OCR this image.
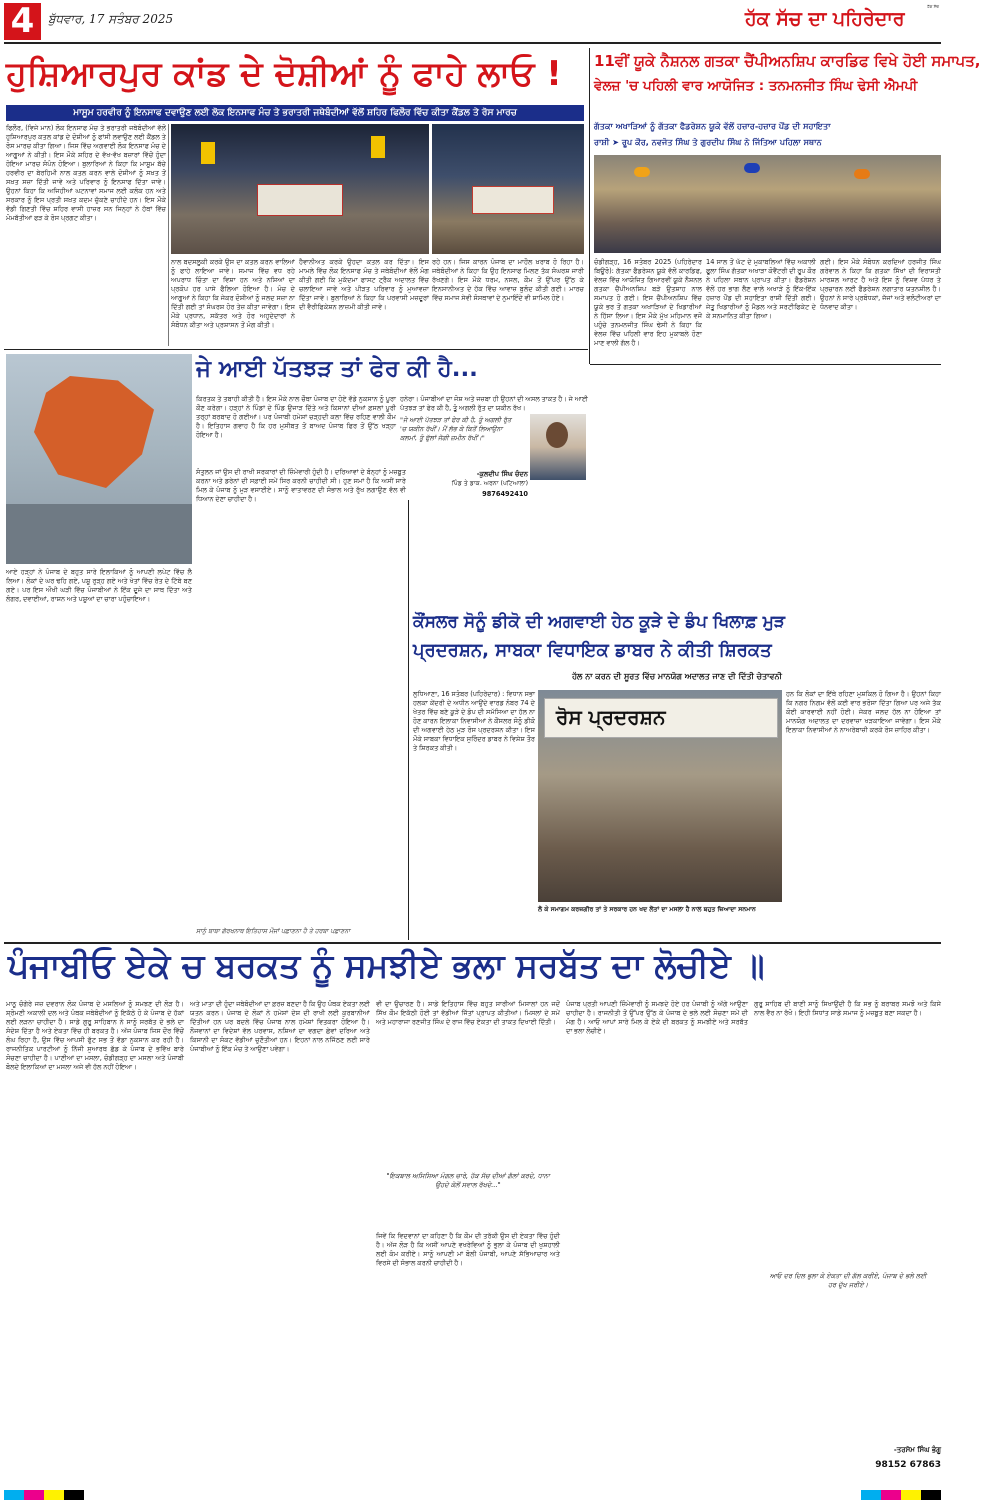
4	ਬੁੱਧਵਾਰ, 17 ਸਤੰਬਰ 2025
ਹੱਕ ਸੱਚ
ਹੱਕ ਸੱਚ ਦਾ ਪਹਿਰੇਦਾਰ
ਹੁਸ਼ਿਆਰਪੁਰ ਕਾਂਡ ਦੇ ਦੋਸ਼ੀਆਂ ਨੂੰ ਫਾਹੇ ਲਾਓ !
ਮਾਸੂਮ ਹਰਵੀਰ ਨੂੰ ਇਨਸਾਫ ਦਵਾਉਣ ਲਈ ਲੋਕ ਇਨਸਾਫ ਮੰਚ ਤੇ ਭਰਾਤਰੀ ਜਥੇਬੰਦੀਆਂ ਵੱਲੋਂ ਸ਼ਹਿਰ ਫਿਲੌਰ ਵਿੱਚ ਕੀਤਾ ਕੈਂਡਲ ਤੇ ਰੋਸ ਮਾਰਚ
ਫਿਲੌਰ, (ਵਿਜੇ ਮਾਨ) ਲੋਕ ਇਨਸਾਫ ਮੰਚ ਤੇ ਭਰਾਤਰੀ ਜਥੇਬੰਦੀਆਂ ਵੱਲੋਂ ਹੁਸ਼ਿਆਰਪੁਰ ਕਤਲ ਕਾਂਡ ਦੇ ਦੋਸ਼ੀਆਂ ਨੂੰ ਫਾਂਸੀ ਲਵਾਉਣ ਲਈ ਕੈਂਡਲ ਤੇ ਰੋਸ ਮਾਰਚ ਕੀਤਾ ਗਿਆ। ਜਿਸ ਵਿੱਚ ਅਗਵਾਈ ਲੋਕ ਇਨਸਾਫ ਮੰਚ ਦੇ ਆਗੂਆਂ ਨੇ ਕੀਤੀ। ਇਸ ਮੌਕੇ ਸ਼ਹਿਰ ਦੇ ਵੱਖ-ਵੱਖ ਬਜ਼ਾਰਾਂ ਵਿੱਚੋਂ ਹੁੰਦਾ ਹੋਇਆ ਮਾਰਚ ਸੰਪੰਨ ਹੋਇਆ। ਬੁਲਾਰਿਆਂ ਨੇ ਕਿਹਾ ਕਿ ਮਾਸੂਮ ਬੱਚੇ ਹਰਵੀਰ ਦਾ ਬੇਰਹਿਮੀ ਨਾਲ ਕਤਲ ਕਰਨ ਵਾਲੇ ਦੋਸ਼ੀਆਂ ਨੂੰ ਸਖ਼ਤ ਤੋਂ ਸਖ਼ਤ ਸਜ਼ਾ ਦਿੱਤੀ ਜਾਵੇ ਅਤੇ ਪਰਿਵਾਰ ਨੂੰ ਇਨਸਾਫ ਦਿੱਤਾ ਜਾਵੇ। ਉਹਨਾਂ ਕਿਹਾ ਕਿ ਅਜਿਹੀਆਂ ਘਟਨਾਵਾਂ ਸਮਾਜ ਲਈ ਕਲੰਕ ਹਨ ਅਤੇ ਸਰਕਾਰ ਨੂੰ ਇਸ ਪ੍ਰਤੀ ਸਖ਼ਤ ਕਦਮ ਚੁੱਕਣੇ ਚਾਹੀਦੇ ਹਨ। ਇਸ ਮੌਕੇ ਵੱਡੀ ਗਿਣਤੀ ਵਿੱਚ ਸ਼ਹਿਰ ਵਾਸੀ ਹਾਜ਼ਰ ਸਨ ਜਿਨ੍ਹਾਂ ਨੇ ਹੱਥਾਂ ਵਿੱਚ ਮੋਮਬੱਤੀਆਂ ਫੜ ਕੇ ਰੋਸ ਪ੍ਰਗਟ ਕੀਤਾ।
ਨਾਲ ਬਦਸਲੂਕੀ ਕਰਕੇ ਉਸ ਦਾ ਕਤਲ ਕਰਨ ਵਾਲਿਆਂ ਨੂੰ ਫਾਹੇ ਲਾਇਆ ਜਾਵੇ। ਸਮਾਜ ਵਿੱਚ ਵਧ ਰਹੇ ਅਪਰਾਧ ਚਿੰਤਾ ਦਾ ਵਿਸ਼ਾ ਹਨ ਅਤੇ ਨਸ਼ਿਆਂ ਦਾ ਪ੍ਰਕੋਪ ਹਰ ਪਾਸੇ ਫੈਲਿਆ ਹੋਇਆ ਹੈ। ਮੰਚ ਦੇ ਆਗੂਆਂ ਨੇ ਕਿਹਾ ਕਿ ਜੇਕਰ ਦੋਸ਼ੀਆਂ ਨੂੰ ਜਲਦ ਸਜ਼ਾ ਨਾ ਦਿੱਤੀ ਗਈ ਤਾਂ ਸੰਘਰਸ਼ ਹੋਰ ਤੇਜ਼ ਕੀਤਾ ਜਾਵੇਗਾ। ਇਸ ਮੌਕੇ ਪ੍ਰਧਾਨ, ਸਕੱਤਰ ਅਤੇ ਹੋਰ ਅਹੁਦੇਦਾਰਾਂ ਨੇ ਸੰਬੋਧਨ ਕੀਤਾ ਅਤੇ ਪ੍ਰਸ਼ਾਸਨ ਤੋਂ ਮੰਗ ਕੀਤੀ।
ਹੈਵਾਨੀਅਤ ਕਰਕੇ ਉਹਦਾ ਕਤਲ ਕਰ ਦਿੱਤਾ। ਇਸ ਮਾਮਲੇ ਵਿੱਚ ਲੋਕ ਇਨਸਾਫ ਮੰਚ ਤੇ ਜਥੇਬੰਦੀਆਂ ਵੱਲੋਂ ਮੰਗ ਕੀਤੀ ਗਈ ਕਿ ਮੁਕੱਦਮਾ ਫਾਸਟ ਟ੍ਰੈਕ ਅਦਾਲਤ ਵਿੱਚ ਚਲਾਇਆ ਜਾਵੇ ਅਤੇ ਪੀੜਤ ਪਰਿਵਾਰ ਨੂੰ ਮੁਆਵਜ਼ਾ ਦਿੱਤਾ ਜਾਵੇ। ਬੁਲਾਰਿਆਂ ਨੇ ਕਿਹਾ ਕਿ ਪਰਵਾਸੀ ਮਜ਼ਦੂਰਾਂ ਦੀ ਵੈਰੀਫਿਕੇਸ਼ਨ ਲਾਜ਼ਮੀ ਕੀਤੀ ਜਾਵੇ।
ਰਹੇ ਹਨ। ਜਿਸ ਕਾਰਨ ਪੰਜਾਬ ਦਾ ਮਾਹੌਲ ਖ਼ਰਾਬ ਹੋ ਰਿਹਾ ਹੈ। ਜਥੇਬੰਦੀਆਂ ਨੇ ਕਿਹਾ ਕਿ ਉਹ ਇਨਸਾਫ ਮਿਲਣ ਤੱਕ ਸੰਘਰਸ਼ ਜਾਰੀ ਰੱਖਣਗੇ। ਇਸ ਮੌਕੇ ਧਰਮ, ਨਸਲ, ਕੌਮ ਤੋਂ ਉੱਪਰ ਉੱਠ ਕੇ ਇਨਸਾਨੀਅਤ ਦੇ ਹੱਕ ਵਿੱਚ ਆਵਾਜ਼ ਬੁਲੰਦ ਕੀਤੀ ਗਈ। ਮਾਰਚ ਵਿੱਚ ਸਮਾਜ ਸੇਵੀ ਸੰਸਥਾਵਾਂ ਦੇ ਨੁਮਾਇੰਦੇ ਵੀ ਸ਼ਾਮਿਲ ਹੋਏ।
11ਵੀਂ ਯੂਕੇ ਨੈਸ਼ਨਲ ਗਤਕਾ ਚੈਂਪੀਅਨਸ਼ਿਪ ਕਾਰਡਿਫ ਵਿਖੇ ਹੋਈ ਸਮਾਪਤ,
ਵੇਲਜ਼ 'ਚ ਪਹਿਲੀ ਵਾਰ ਆਯੋਜਿਤ : ਤਨਮਨਜੀਤ ਸਿੰਘ ਢੇਸੀ ਐਮਪੀ
ਗੱਤਕਾ ਅਖਾੜਿਆਂ ਨੂੰ ਗੱਤਕਾ ਫੈਡਰੇਸ਼ਨ ਯੂਕੇ ਵੱਲੋਂ ਹਜ਼ਾਰ-ਹਜ਼ਾਰ ਪੌਂਡ ਦੀ ਸਹਾਇਤਾ
ਰਾਸ਼ੀ ➤ ਰੂਪ ਕੌਰ, ਨਵਜੋਤ ਸਿੰਘ ਤੇ ਗੁਰਦੀਪ ਸਿੰਘ ਨੇ ਜਿੱਤਿਆ ਪਹਿਲਾ ਸਥਾਨ
ਚੰਡੀਗੜ੍ਹ, 16 ਸਤੰਬਰ 2025 (ਪਹਿਰੇਦਾਰ ਬਿਊਰੋ): ਗੱਤਕਾ ਫੈਡਰੇਸ਼ਨ ਯੂਕੇ ਵੱਲੋਂ ਕਾਰਡਿਫ, ਵੇਲਜ਼ ਵਿੱਚ ਆਯੋਜਿਤ ਗਿਆਰਵੀਂ ਯੂਕੇ ਨੈਸ਼ਨਲ ਗਤਕਾ ਚੈਂਪੀਅਨਸ਼ਿਪ ਬੜੇ ਉਤਸ਼ਾਹ ਨਾਲ ਸਮਾਪਤ ਹੋ ਗਈ। ਇਸ ਚੈਂਪੀਅਨਸ਼ਿਪ ਵਿੱਚ ਯੂਕੇ ਭਰ ਤੋਂ ਗਤਕਾ ਅਖਾੜਿਆਂ ਦੇ ਖਿਡਾਰੀਆਂ ਨੇ ਹਿੱਸਾ ਲਿਆ। ਇਸ ਮੌਕੇ ਮੁੱਖ ਮਹਿਮਾਨ ਵਜੋਂ ਪਹੁੰਚੇ ਤਨਮਨਜੀਤ ਸਿੰਘ ਢੇਸੀ ਨੇ ਕਿਹਾ ਕਿ ਵੇਲਜ਼ ਵਿੱਚ ਪਹਿਲੀ ਵਾਰ ਇਹ ਮੁਕਾਬਲੇ ਹੋਣਾ ਮਾਣ ਵਾਲੀ ਗੱਲ ਹੈ।
14 ਸਾਲ ਤੋਂ ਘੱਟ ਦੇ ਮੁਕਾਬਲਿਆਂ ਵਿੱਚ ਅਕਾਲੀ ਫੂਲਾ ਸਿੰਘ ਗੱਤਕਾ ਅਖਾੜਾ ਕੋਵੈਂਟਰੀ ਦੀ ਰੂਪ ਕੌਰ ਨੇ ਪਹਿਲਾ ਸਥਾਨ ਪ੍ਰਾਪਤ ਕੀਤਾ। ਫੈਡਰੇਸ਼ਨ ਵੱਲੋਂ ਹਰ ਭਾਗ ਲੈਣ ਵਾਲੇ ਅਖਾੜੇ ਨੂੰ ਇੱਕ-ਇੱਕ ਹਜ਼ਾਰ ਪੌਂਡ ਦੀ ਸਹਾਇਤਾ ਰਾਸ਼ੀ ਦਿੱਤੀ ਗਈ। ਜੇਤੂ ਖਿਡਾਰੀਆਂ ਨੂੰ ਮੈਡਲ ਅਤੇ ਸਰਟੀਫਿਕੇਟ ਦੇ ਕੇ ਸਨਮਾਨਿਤ ਕੀਤਾ ਗਿਆ।
ਗਈ। ਇਸ ਮੌਕੇ ਸੰਬੋਧਨ ਕਰਦਿਆਂ ਹਰਜੀਤ ਸਿੰਘ ਗਰੇਵਾਲ ਨੇ ਕਿਹਾ ਕਿ ਗਤਕਾ ਸਿੱਖਾਂ ਦੀ ਵਿਰਾਸਤੀ ਮਾਰਸ਼ਲ ਆਰਟ ਹੈ ਅਤੇ ਇਸ ਨੂੰ ਵਿਸ਼ਵ ਪੱਧਰ ਤੇ ਪ੍ਰਚਾਰਨ ਲਈ ਫੈਡਰੇਸ਼ਨ ਲਗਾਤਾਰ ਯਤਨਸ਼ੀਲ ਹੈ। ਉਹਨਾਂ ਨੇ ਸਾਰੇ ਪ੍ਰਬੰਧਕਾਂ, ਜੱਜਾਂ ਅਤੇ ਵਲੰਟੀਅਰਾਂ ਦਾ ਧੰਨਵਾਦ ਕੀਤਾ।
ਜੇ ਆਈ ਪੱਤਝੜ ਤਾਂ ਫੇਰ ਕੀ ਹੈ...
ਕਿਰਤਕ ਤੇ ਤਬਾਹੀ ਕੀਤੀ ਹੈ। ਇਸ ਮੌਕੇ ਨਾਲ ਚੌਥਾ ਪੰਜਾਬ ਦਾ ਹੋਏ ਵੱਡੇ ਨੁਕਸਾਨ ਨੂੰ ਪੂਰਾ ਕੌਣ ਕਰੇਗਾ। ਹੜ੍ਹਾਂ ਨੇ ਪਿੰਡਾਂ ਦੇ ਪਿੰਡ ਉਜਾੜ ਦਿੱਤੇ ਅਤੇ ਕਿਸਾਨਾਂ ਦੀਆਂ ਫ਼ਸਲਾਂ ਪੂਰੀ ਤਰ੍ਹਾਂ ਬਰਬਾਦ ਹੋ ਗਈਆਂ। ਪਰ ਪੰਜਾਬੀ ਹਮੇਸ਼ਾਂ ਚੜ੍ਹਦੀ ਕਲਾ ਵਿੱਚ ਰਹਿਣ ਵਾਲੀ ਕੌਮ ਹੈ। ਇਤਿਹਾਸ ਗਵਾਹ ਹੈ ਕਿ ਹਰ ਮੁਸੀਬਤ ਤੋਂ ਬਾਅਦ ਪੰਜਾਬ ਫਿਰ ਤੋਂ ਉੱਠ ਖੜ੍ਹਾ ਹੋਇਆ ਹੈ।
ਹਨੇਰਾ। ਪੰਜਾਬੀਆਂ ਦਾ ਜੋਸ਼ ਅਤੇ ਜਜ਼ਬਾ ਹੀ ਉਹਨਾਂ ਦੀ ਅਸਲ ਤਾਕਤ ਹੈ। ਜੇ ਆਈ ਪੱਤਝੜ ਤਾਂ ਫੇਰ ਕੀ ਹੈ, ਤੂੰ ਅਗਲੀ ਰੁੱਤ ਦਾ ਯਕੀਨ ਰੱਖ।
"ਜੇ ਆਈ ਪੱਤਝੜ ਤਾਂ ਫੇਰ ਕੀ ਹੈ, ਤੂੰ ਅਗਲੀ ਰੁੱਤ 'ਚ ਯਕੀਨ ਰੱਖੀਂ। ਮੈਂ ਲੱਭ ਕੇ ਕਿਤੋਂ ਲਿਆਉਨਾ ਕਲਮਾਂ, ਤੂੰ ਫੁੱਲਾਂ ਜੋਗੀ ਜ਼ਮੀਨ ਰੱਖੀਂ।"
-ਕੁਲਦੀਪ ਸਿੰਘ ਚੰਦਨ
ਪਿੰਡ ਤੇ ਡਾਕ. ਅਰਨਾ (ਪਟਿਆਲਾ)
9876492410
ਆਏ ਹੜ੍ਹਾਂ ਨੇ ਪੰਜਾਬ ਦੇ ਬਹੁਤ ਸਾਰੇ ਇਲਾਕਿਆਂ ਨੂੰ ਆਪਣੀ ਲਪੇਟ ਵਿੱਚ ਲੈ ਲਿਆ। ਲੋਕਾਂ ਦੇ ਘਰ ਢਹਿ ਗਏ, ਪਸ਼ੂ ਰੁੜ੍ਹ ਗਏ ਅਤੇ ਖੇਤਾਂ ਵਿੱਚ ਰੇਤ ਦੇ ਟਿੱਬੇ ਬਣ ਗਏ। ਪਰ ਇਸ ਔਖੀ ਘੜੀ ਵਿੱਚ ਪੰਜਾਬੀਆਂ ਨੇ ਇੱਕ ਦੂਜੇ ਦਾ ਸਾਥ ਦਿੱਤਾ ਅਤੇ ਲੰਗਰ, ਦਵਾਈਆਂ, ਰਾਸ਼ਨ ਅਤੇ ਪਸ਼ੂਆਂ ਦਾ ਚਾਰਾ ਪਹੁੰਚਾਇਆ।
ਸੰਤੁਲਨ ਜਾਂ ਉਸ ਦੀ ਰਾਖੀ ਸਰਕਾਰਾਂ ਦੀ ਜ਼ਿੰਮੇਵਾਰੀ ਹੁੰਦੀ ਹੈ। ਦਰਿਆਵਾਂ ਦੇ ਬੰਨ੍ਹਾਂ ਨੂੰ ਮਜ਼ਬੂਤ ਕਰਨਾ ਅਤੇ ਡਰੇਨਾਂ ਦੀ ਸਫ਼ਾਈ ਸਮੇਂ ਸਿਰ ਕਰਨੀ ਚਾਹੀਦੀ ਸੀ। ਹੁਣ ਸਮਾਂ ਹੈ ਕਿ ਅਸੀਂ ਸਾਰੇ ਮਿਲ ਕੇ ਪੰਜਾਬ ਨੂੰ ਮੁੜ ਵਸਾਈਏ। ਸਾਨੂੰ ਵਾਤਾਵਰਣ ਦੀ ਸੰਭਾਲ ਅਤੇ ਰੁੱਖ ਲਗਾਉਣ ਵੱਲ ਵੀ ਧਿਆਨ ਦੇਣਾ ਚਾਹੀਦਾ ਹੈ।
ਸਾਨੂੰ ਬਾਬਾ ਗੋਰਖਨਾਥ ਇਤਿਹਾਸ ਮੌਜਾਂ ਪਛਾਣਨਾ ਹੈ ਤੇ ਹਰਬਾ ਪਛਾਣਨਾ
ਕੌਂਸਲਰ ਸੋਨੂੰ ਡੀਕੋ ਦੀ ਅਗਵਾਈ ਹੇਠ ਕੂੜੇ ਦੇ ਡੰਪ ਖਿਲਾਫ਼ ਮੁੜ
ਪ੍ਰਦਰਸ਼ਨ, ਸਾਬਕਾ ਵਿਧਾਇਕ ਡਾਬਰ ਨੇ ਕੀਤੀ ਸ਼ਿਰਕਤ
ਹੱਲ ਨਾ ਕਰਨ ਦੀ ਸੂਰਤ ਵਿੱਚ ਮਾਨਯੋਗ ਅਦਾਲਤ ਜਾਣ ਦੀ ਦਿੱਤੀ ਚੇਤਾਵਨੀ
ਲੁਧਿਆਣਾ, 16 ਸਤੰਬਰ (ਪਹਿਰੇਦਾਰ) : ਵਿਧਾਨ ਸਭਾ ਹਲਕਾ ਕੇਂਦਰੀ ਦੇ ਅਧੀਨ ਆਉਂਦੇ ਵਾਰਡ ਨੰਬਰ 74 ਦੇ ਖੇਤਰ ਵਿੱਚ ਬਣੇ ਕੂੜੇ ਦੇ ਡੰਪ ਦੀ ਸਮੱਸਿਆ ਦਾ ਹੱਲ ਨਾ ਹੋਣ ਕਾਰਨ ਇਲਾਕਾ ਨਿਵਾਸੀਆਂ ਨੇ ਕੌਂਸਲਰ ਸੋਨੂੰ ਡੀਕੋ ਦੀ ਅਗਵਾਈ ਹੇਠ ਮੁੜ ਰੋਸ ਪ੍ਰਦਰਸ਼ਨ ਕੀਤਾ। ਇਸ ਮੌਕੇ ਸਾਬਕਾ ਵਿਧਾਇਕ ਸੁਰਿੰਦਰ ਡਾਬਰ ਨੇ ਵਿਸ਼ੇਸ਼ ਤੌਰ ਤੇ ਸ਼ਿਰਕਤ ਕੀਤੀ।
ਰੋਸ ਪ੍ਰਦਰਸ਼ਨ
ਹਨ ਕਿ ਲੋਕਾਂ ਦਾ ਇੱਥੇ ਰਹਿਣਾ ਮੁਸ਼ਕਿਲ ਹੋ ਗਿਆ ਹੈ। ਉਹਨਾਂ ਕਿਹਾ ਕਿ ਨਗਰ ਨਿਗਮ ਵੱਲੋਂ ਕਈ ਵਾਰ ਭਰੋਸਾ ਦਿੱਤਾ ਗਿਆ ਪਰ ਅਜੇ ਤੱਕ ਕੋਈ ਕਾਰਵਾਈ ਨਹੀਂ ਹੋਈ। ਜੇਕਰ ਜਲਦ ਹੱਲ ਨਾ ਹੋਇਆ ਤਾਂ ਮਾਨਯੋਗ ਅਦਾਲਤ ਦਾ ਦਰਵਾਜ਼ਾ ਖੜਕਾਇਆ ਜਾਵੇਗਾ। ਇਸ ਮੌਕੇ ਇਲਾਕਾ ਨਿਵਾਸੀਆਂ ਨੇ ਨਾਅਰੇਬਾਜ਼ੀ ਕਰਕੇ ਰੋਸ ਜ਼ਾਹਿਰ ਕੀਤਾ।
ਲੋ ਕੇ ਸਮਾਗਮ ਕਰਜ਼ਗੀਰ ਤਾਂ ਤੇ ਸਰਕਾਰ ਹਨ ਖਦ ਲੋਤਾਂ ਦਾ ਮਸਲਾ ਹੈ ਨਾਲ ਬਹੁਤ ਜ਼ਿਆਦਾ ਸਨਮਾਨ
ਪੰਜਾਬੀਓ ਏਕੇ ਚ ਬਰਕਤ ਨੂੰ ਸਮਝੀਏ ਭਲਾ ਸਰਬੱਤ ਦਾ ਲੋਚੀਏ ॥
ਮਾਨੂ ਚੰਗੇਰੇ ਜਜ਼ ਦਵਰਾਨ ਲੋਕ ਪੰਜਾਬ ਦੇ ਮਸਲਿਆਂ ਨੂੰ ਸਮਝਣ ਦੀ ਲੋੜ ਹੈ। ਸ਼੍ਰੋਮਣੀ ਅਕਾਲੀ ਦਲ ਅਤੇ ਪੰਥਕ ਜਥੇਬੰਦੀਆਂ ਨੂੰ ਇਕੱਠੇ ਹੋ ਕੇ ਪੰਜਾਬ ਦੇ ਹੱਕਾਂ ਲਈ ਲੜਨਾ ਚਾਹੀਦਾ ਹੈ। ਸਾਡੇ ਗੁਰੂ ਸਾਹਿਬਾਨ ਨੇ ਸਾਨੂੰ ਸਰਬੱਤ ਦੇ ਭਲੇ ਦਾ ਸੰਦੇਸ਼ ਦਿੱਤਾ ਹੈ ਅਤੇ ਏਕਤਾ ਵਿੱਚ ਹੀ ਬਰਕਤ ਹੈ। ਅੱਜ ਪੰਜਾਬ ਜਿਸ ਦੌਰ ਵਿੱਚੋਂ ਲੰਘ ਰਿਹਾ ਹੈ, ਉਸ ਵਿੱਚ ਆਪਸੀ ਫੁੱਟ ਸਭ ਤੋਂ ਵੱਡਾ ਨੁਕਸਾਨ ਕਰ ਰਹੀ ਹੈ। ਰਾਜਨੀਤਿਕ ਪਾਰਟੀਆਂ ਨੂੰ ਨਿੱਜੀ ਸੁਆਰਥ ਛੱਡ ਕੇ ਪੰਜਾਬ ਦੇ ਭਵਿੱਖ ਬਾਰੇ ਸੋਚਣਾ ਚਾਹੀਦਾ ਹੈ। ਪਾਣੀਆਂ ਦਾ ਮਸਲਾ, ਚੰਡੀਗੜ੍ਹ ਦਾ ਮਸਲਾ ਅਤੇ ਪੰਜਾਬੀ ਬੋਲਦੇ ਇਲਾਕਿਆਂ ਦਾ ਮਸਲਾ ਅਜੇ ਵੀ ਹੱਲ ਨਹੀਂ ਹੋਇਆ।
ਅਤੇ ਮਾਤਾ ਦੀ ਹੁੰਦਾ ਜਥੇਬੰਦੀਆਂ ਦਾ ਫ਼ਰਜ਼ ਬਣਦਾ ਹੈ ਕਿ ਉਹ ਪੰਥਕ ਏਕਤਾ ਲਈ ਯਤਨ ਕਰਨ। ਪੰਜਾਬ ਦੇ ਲੋਕਾਂ ਨੇ ਹਮੇਸ਼ਾਂ ਦੇਸ਼ ਦੀ ਰਾਖੀ ਲਈ ਕੁਰਬਾਨੀਆਂ ਦਿੱਤੀਆਂ ਹਨ ਪਰ ਬਦਲੇ ਵਿੱਚ ਪੰਜਾਬ ਨਾਲ ਹਮੇਸ਼ਾਂ ਵਿਤਕਰਾ ਹੋਇਆ ਹੈ। ਨੌਜਵਾਨਾਂ ਦਾ ਵਿਦੇਸ਼ਾਂ ਵੱਲ ਪਰਵਾਸ, ਨਸ਼ਿਆਂ ਦਾ ਵਗਦਾ ਛੇਵਾਂ ਦਰਿਆ ਅਤੇ ਕਿਸਾਨੀ ਦਾ ਸੰਕਟ ਵੱਡੀਆਂ ਚੁਣੌਤੀਆਂ ਹਨ। ਇਹਨਾਂ ਨਾਲ ਨਜਿੱਠਣ ਲਈ ਸਾਰੇ ਪੰਜਾਬੀਆਂ ਨੂੰ ਇੱਕ ਮੰਚ ਤੇ ਆਉਣਾ ਪਵੇਗਾ।
ਵੀ ਦਾ ਉਚਾਰਣ ਹੈ। ਸਾਡੇ ਇਤਿਹਾਸ ਵਿੱਚ ਬਹੁਤ ਸਾਰੀਆਂ ਮਿਸਾਲਾਂ ਹਨ ਜਦੋਂ ਸਿੱਖ ਕੌਮ ਇਕੱਠੀ ਹੋਈ ਤਾਂ ਵੱਡੀਆਂ ਜਿੱਤਾਂ ਪ੍ਰਾਪਤ ਕੀਤੀਆਂ। ਮਿਸਲਾਂ ਦੇ ਸਮੇਂ ਅਤੇ ਮਹਾਰਾਜਾ ਰਣਜੀਤ ਸਿੰਘ ਦੇ ਰਾਜ ਵਿੱਚ ਏਕਤਾ ਦੀ ਤਾਕਤ ਦਿਖਾਈ ਦਿੱਤੀ।
"ਇਕਬਾਲ ਅਸਿਸਿਆ ਮੰਗਲ ਚਾਰੇ, ਹੱਕ ਸੱਚ ਦੀਆਂ ਗੱਲਾਂ ਕਰਦੇ, ਧਾਨਾ ਉਹਦੇ ਕੋਲੋਂ ਸਵਾਲ ਰੱਖਦੇ..."
ਜਿਵੇਂ ਕਿ ਵਿਦਵਾਨਾਂ ਦਾ ਕਹਿਣਾ ਹੈ ਕਿ ਕੌਮ ਦੀ ਤਰੱਕੀ ਉਸ ਦੀ ਏਕਤਾ ਵਿੱਚ ਹੁੰਦੀ ਹੈ। ਅੱਜ ਲੋੜ ਹੈ ਕਿ ਅਸੀਂ ਆਪਣੇ ਵਖਰੇਵਿਆਂ ਨੂੰ ਭੁਲਾ ਕੇ ਪੰਜਾਬ ਦੀ ਖੁਸ਼ਹਾਲੀ ਲਈ ਕੰਮ ਕਰੀਏ। ਸਾਨੂੰ ਆਪਣੀ ਮਾਂ ਬੋਲੀ ਪੰਜਾਬੀ, ਆਪਣੇ ਸੱਭਿਆਚਾਰ ਅਤੇ ਵਿਰਸੇ ਦੀ ਸੰਭਾਲ ਕਰਨੀ ਚਾਹੀਦੀ ਹੈ।
ਪੰਜਾਬ ਪ੍ਰਤੀ ਆਪਣੀ ਜ਼ਿੰਮੇਵਾਰੀ ਨੂੰ ਸਮਝਦੇ ਹੋਏ ਹਰ ਪੰਜਾਬੀ ਨੂੰ ਅੱਗੇ ਆਉਣਾ ਚਾਹੀਦਾ ਹੈ। ਰਾਜਨੀਤੀ ਤੋਂ ਉੱਪਰ ਉੱਠ ਕੇ ਪੰਜਾਬ ਦੇ ਭਲੇ ਲਈ ਸੋਚਣਾ ਸਮੇਂ ਦੀ ਮੰਗ ਹੈ। ਆਓ ਆਪਾਂ ਸਾਰੇ ਮਿਲ ਕੇ ਏਕੇ ਦੀ ਬਰਕਤ ਨੂੰ ਸਮਝੀਏ ਅਤੇ ਸਰਬੱਤ ਦਾ ਭਲਾ ਲੋਚੀਏ।
ਗੁਰੂ ਸਾਹਿਬ ਦੀ ਬਾਣੀ ਸਾਨੂੰ ਸਿਖਾਉਂਦੀ ਹੈ ਕਿ ਸਭ ਨੂੰ ਬਰਾਬਰ ਸਮਝੋ ਅਤੇ ਕਿਸੇ ਨਾਲ ਵੈਰ ਨਾ ਰੱਖੋ। ਇਹੀ ਸਿਧਾਂਤ ਸਾਡੇ ਸਮਾਜ ਨੂੰ ਮਜ਼ਬੂਤ ਬਣਾ ਸਕਦਾ ਹੈ।
ਆਓ ਦਰ ਦਿਲ ਭੁਲਾ ਕੇ ਏਕਤਾ ਦੀ ਗੱਲ ਕਰੀਏ, ਪੰਜਾਬ ਦੇ ਭਲੇ ਲਈ ਹਰ ਦੁੱਖ ਜਰੀਏ।
-ਤਰਸੇਮ ਸਿੰਘ ਭੰਗੂ
98152 67863
